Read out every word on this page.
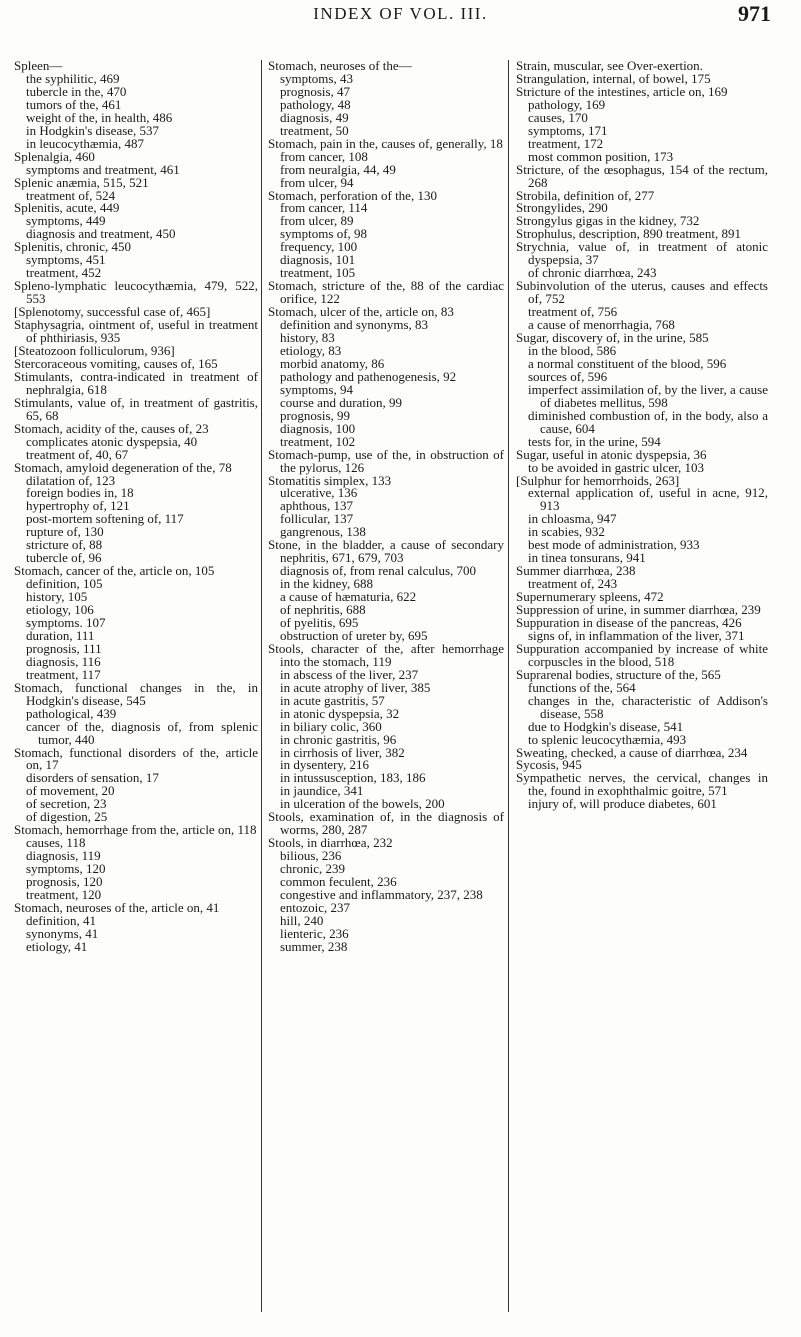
INDEX OF VOL. III.	971
Spleen—
the syphilitic, 469
tubercle in the, 470
tumors of the, 461
weight of the, in health, 486
in Hodgkin's disease, 537
in leucocythæmia, 487
Splenalgia, 460
symptoms and treatment, 461
Splenic anæmia, 515, 521
treatment of, 524
Splenitis, acute, 449
symptoms, 449
diagnosis and treatment, 450
Splenitis, chronic, 450
symptoms, 451
treatment, 452
Spleno-lymphatic leucocythæmia, 479, 522, 553
[Splenotomy, successful case of, 465]
Staphysagria, ointment of, useful in treatment of phthiriasis, 935
[Steatozoon folliculorum, 936]
Stercoraceous vomiting, causes of, 165
Stimulants, contra-indicated in treatment of nephralgia, 618
Stimulants, value of, in treatment of gastritis, 65, 68
Stomach, acidity of the, causes of, 23
complicates atonic dyspepsia, 40
treatment of, 40, 67
Stomach, amyloid degeneration of the, 78
dilatation of, 123
foreign bodies in, 18
hypertrophy of, 121
post-mortem softening of, 117
rupture of, 130
stricture of, 88
tubercle of, 96
Stomach, cancer of the, article on, 105
definition, 105
history, 105
etiology, 106
symptoms. 107
duration, 111
prognosis, 111
diagnosis, 116
treatment, 117
Stomach, functional changes in the, in Hodgkin's disease, 545
pathological, 439
cancer of the, diagnosis of, from splenic tumor, 440
Stomach, functional disorders of the, article on, 17
disorders of sensation, 17
of movement, 20
of secretion, 23
of digestion, 25
Stomach, hemorrhage from the, article on, 118
causes, 118
diagnosis, 119
symptoms, 120
prognosis, 120
treatment, 120
Stomach, neuroses of the, article on, 41
definition, 41
synonyms, 41
etiology, 41
Stomach, neuroses of the—
symptoms, 43
prognosis, 47
pathology, 48
diagnosis, 49
treatment, 50
Stomach, pain in the, causes of, generally, 18
from cancer, 108
from neuralgia, 44, 49
from ulcer, 94
Stomach, perforation of the, 130
from cancer, 114
from ulcer, 89
symptoms of, 98
frequency, 100
diagnosis, 101
treatment, 105
Stomach, stricture of the, 88 of the cardiac orifice, 122
Stomach, ulcer of the, article on, 83
definition and synonyms, 83
history, 83
etiology, 83
morbid anatomy, 86
pathology and pathenogenesis, 92
symptoms, 94
course and duration, 99
prognosis, 99
diagnosis, 100
treatment, 102
Stomach-pump, use of the, in obstruction of the pylorus, 126
Stomatitis simplex, 133
ulcerative, 136
aphthous, 137
follicular, 137
gangrenous, 138
Stone, in the bladder, a cause of secondary nephritis, 671, 679, 703
diagnosis of, from renal calculus, 700
in the kidney, 688
a cause of hæmaturia, 622
of nephritis, 688
of pyelitis, 695
obstruction of ureter by, 695
Stools, character of the, after hemorrhage into the stomach, 119
in abscess of the liver, 237
in acute atrophy of liver, 385
in acute gastritis, 57
in atonic dyspepsia, 32
in biliary colic, 360
in chronic gastritis, 96
in cirrhosis of liver, 382
in dysentery, 216
in intussusception, 183, 186
in jaundice, 341
in ulceration of the bowels, 200
Stools, examination of, in the diagnosis of worms, 280, 287
Stools, in diarrhœa, 232
bilious, 236
chronic, 239
common feculent, 236
congestive and inflammatory, 237, 238
entozoic, 237
hill, 240
lienteric, 236
summer, 238
Strain, muscular, see Over-exertion.
Strangulation, internal, of bowel, 175
Stricture of the intestines, article on, 169
pathology, 169
causes, 170
symptoms, 171
treatment, 172
most common position, 173
Stricture, of the œsophagus, 154 of the rectum, 268
Strobila, definition of, 277
Strongylides, 290
Strongylus gigas in the kidney, 732
Strophulus, description, 890 treatment, 891
Strychnia, value of, in treatment of atonic dyspepsia, 37
of chronic diarrhœa, 243
Subinvolution of the uterus, causes and effects of, 752
treatment of, 756
a cause of menorrhagia, 768
Sugar, discovery of, in the urine, 585
in the blood, 586
a normal constituent of the blood, 596
sources of, 596
imperfect assimilation of, by the liver, a cause of diabetes mellitus, 598
diminished combustion of, in the body, also a cause, 604
tests for, in the urine, 594
Sugar, useful in atonic dyspepsia, 36
to be avoided in gastric ulcer, 103
[Sulphur for hemorrhoids, 263]
external application of, useful in acne, 912, 913
in chloasma, 947
in scabies, 932
best mode of administration, 933
in tinea tonsurans, 941
Summer diarrhœa, 238
treatment of, 243
Supernumerary spleens, 472
Suppression of urine, in summer diarrhœa, 239
Suppuration in disease of the pancreas, 426
signs of, in inflammation of the liver, 371
Suppuration accompanied by increase of white corpuscles in the blood, 518
Suprarenal bodies, structure of the, 565
functions of the, 564
changes in the, characteristic of Addison's disease, 558
due to Hodgkin's disease, 541
to splenic leucocythæmia, 493
Sweating, checked, a cause of diarrhœa, 234
Sycosis, 945
Sympathetic nerves, the cervical, changes in the, found in exophthalmic goitre, 571
injury of, will produce diabetes, 601
